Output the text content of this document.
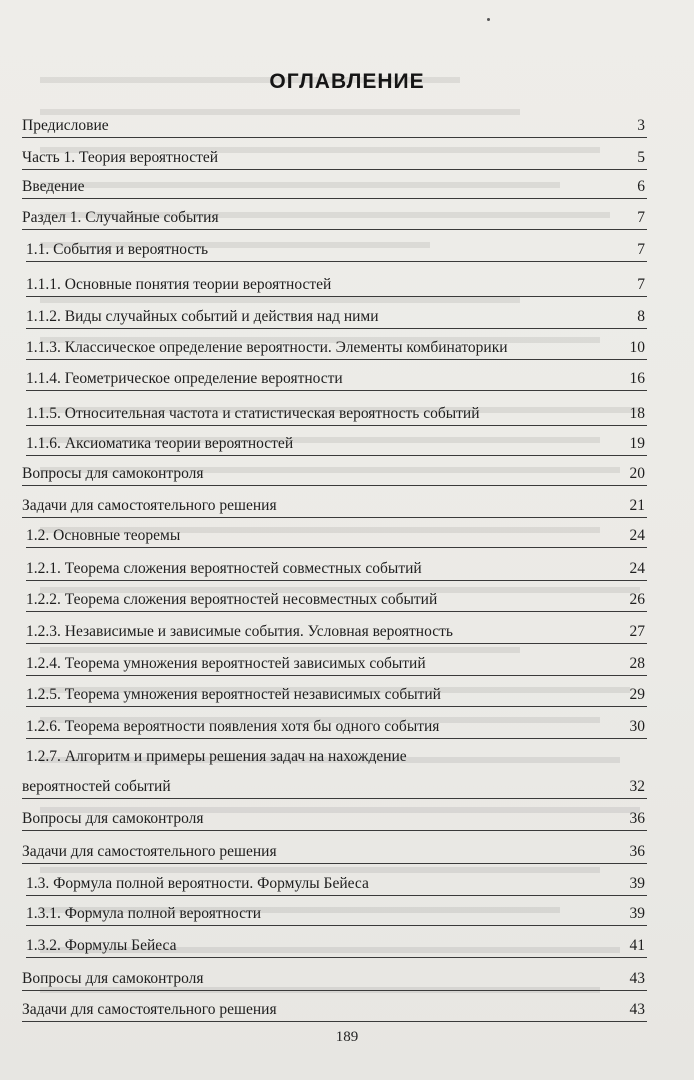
ОГЛАВЛЕНИЕ
Предисловие	3
Часть 1. Теория вероятностей	5
Введение	6
Раздел 1. Случайные события	7
1.1. События и вероятность	7
1.1.1. Основные понятия теории вероятностей	7
1.1.2. Виды случайных событий и действия над ними	8
1.1.3. Классическое определение вероятности. Элементы комбинаторики	10
1.1.4. Геометрическое определение вероятности	16
1.1.5. Относительная частота и статистическая вероятность событий	18
1.1.6. Аксиоматика теории вероятностей	19
Вопросы для самоконтроля	20
Задачи для самостоятельного решения	21
1.2. Основные теоремы	24
1.2.1. Теорема сложения вероятностей совместных событий	24
1.2.2. Теорема сложения вероятностей несовместных событий	26
1.2.3. Независимые и зависимые события. Условная вероятность	27
1.2.4. Теорема умножения вероятностей зависимых событий	28
1.2.5. Теорема умножения вероятностей независимых событий	29
1.2.6. Теорема вероятности появления хотя бы одного события	30
1.2.7. Алгоритм и примеры решения задач на нахождение
вероятностей событий	32
Вопросы для самоконтроля	36
Задачи для самостоятельного решения	36
1.3. Формула полной вероятности. Формулы Бейеса	39
1.3.1. Формула полной вероятности	39
1.3.2. Формулы Бейеса	41
Вопросы для самоконтроля	43
Задачи для самостоятельного решения	43
189
